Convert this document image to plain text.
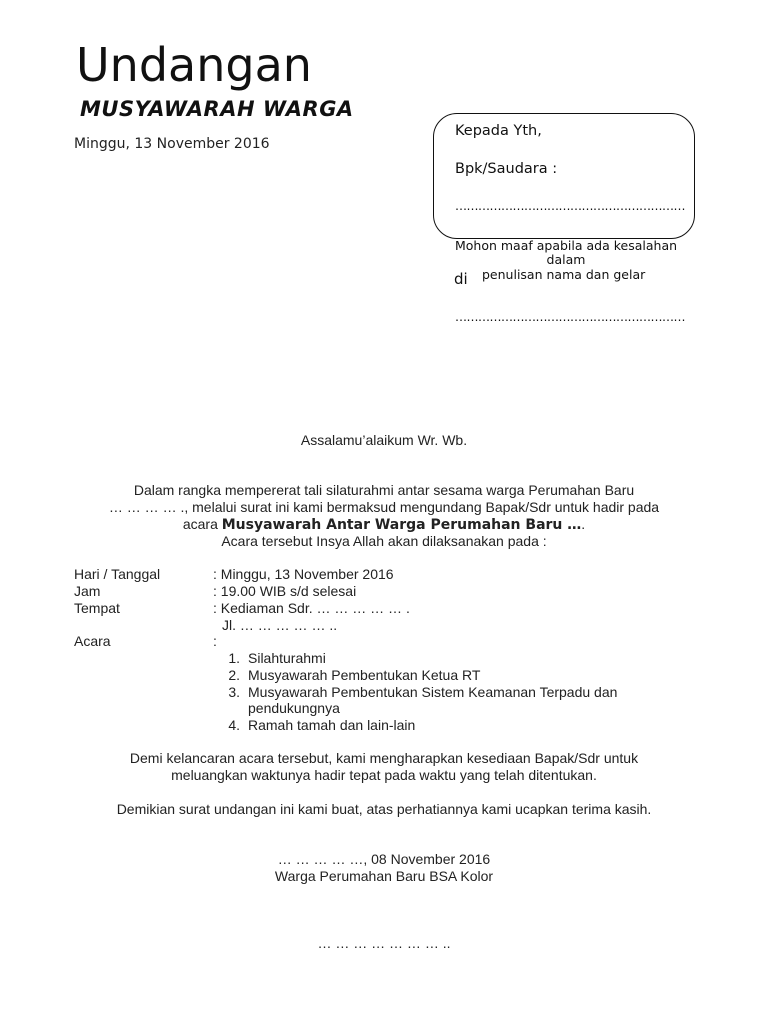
Undangan
MUSYAWARAH WARGA
Minggu, 13 November 2016
Kepada Yth,
Bpk/Saudara :
……………………………………………………
Mohon maaf apabila ada kesalahan dalam
di penulisan nama dan gelar
……………………………………………………
Assalamu’alaikum Wr. Wb.
Dalam rangka mempererat tali silaturahmi antar sesama warga Perumahan Baru
… … … … ., melalui surat ini kami bermaksud mengundang Bapak/Sdr untuk hadir pada
acara Musyawarah Antar Warga Perumahan Baru ….
Acara tersebut Insya Allah akan dilaksanakan pada :
Hari / Tanggal	: Minggu, 13 November 2016
Jam	: 19.00 WIB s/d selesai
Tempat	: Kediaman Sdr. … … … … … .
Jl. … … … … … ..
Acara	:
1. Silahturahmi
2. Musyawarah Pembentukan Ketua RT
3. Musyawarah Pembentukan Sistem Keamanan Terpadu dan
pendukungnya
4. Ramah tamah dan lain-lain
Demi kelancaran acara tersebut, kami mengharapkan kesediaan Bapak/Sdr untuk
meluangkan waktunya hadir tepat pada waktu yang telah ditentukan.
Demikian surat undangan ini kami buat, atas perhatiannya kami ucapkan terima kasih.
… … … … …, 08 November 2016
Warga Perumahan Baru BSA Kolor
… … … … … … … ..
